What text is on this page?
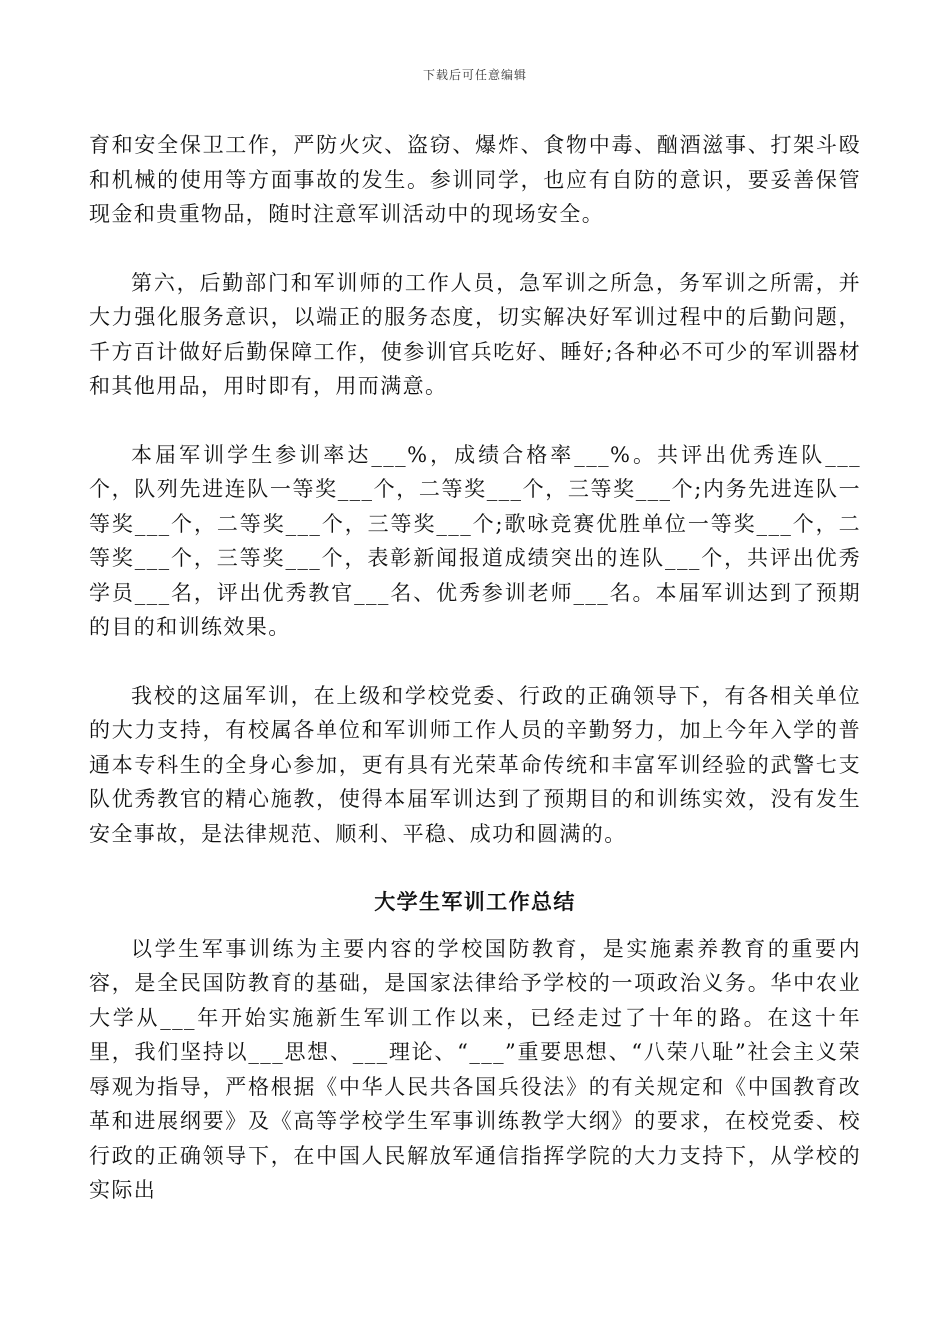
下载后可任意编辑

育和安全保卫工作，严防火灾、盗窃、爆炸、食物中毒、酗酒滋事、打架斗殴和机械的使用等方面事故的发生。参训同学，也应有自防的意识，要妥善保管现金和贵重物品，随时注意军训活动中的现场安全。

第六，后勤部门和军训师的工作人员，急军训之所急，务军训之所需，并大力强化服务意识，以端正的服务态度，切实解决好军训过程中的后勤问题，千方百计做好后勤保障工作，使参训官兵吃好、睡好;各种必不可少的军训器材和其他用品，用时即有，用而满意。

本届军训学生参训率达___%，成绩合格率___%。共评出优秀连队___个，队列先进连队一等奖___个，二等奖___个，三等奖___个;内务先进连队一等奖___个，二等奖___个，三等奖___个;歌咏竞赛优胜单位一等奖___个，二等奖___个，三等奖___个，表彰新闻报道成绩突出的连队___个，共评出优秀学员___名，评出优秀教官___名、优秀参训老师___名。本届军训达到了预期的目的和训练效果。

我校的这届军训，在上级和学校党委、行政的正确领导下，有各相关单位的大力支持，有校属各单位和军训师工作人员的辛勤努力，加上今年入学的普通本专科生的全身心参加，更有具有光荣革命传统和丰富军训经验的武警七支队优秀教官的精心施教，使得本届军训达到了预期目的和训练实效，没有发生安全事故，是法律规范、顺利、平稳、成功和圆满的。

大学生军训工作总结

以学生军事训练为主要内容的学校国防教育，是实施素养教育的重要内容，是全民国防教育的基础，是国家法律给予学校的一项政治义务。华中农业大学从___年开始实施新生军训工作以来，已经走过了十年的路。在这十年里，我们坚持以___思想、___理论、“___”重要思想、“八荣八耻”社会主义荣辱观为指导，严格根据《中华人民共各国兵役法》的有关规定和《中国教育改革和进展纲要》及《高等学校学生军事训练教学大纲》的要求，在校党委、校行政的正确领导下，在中国人民解放军通信指挥学院的大力支持下，从学校的实际出
